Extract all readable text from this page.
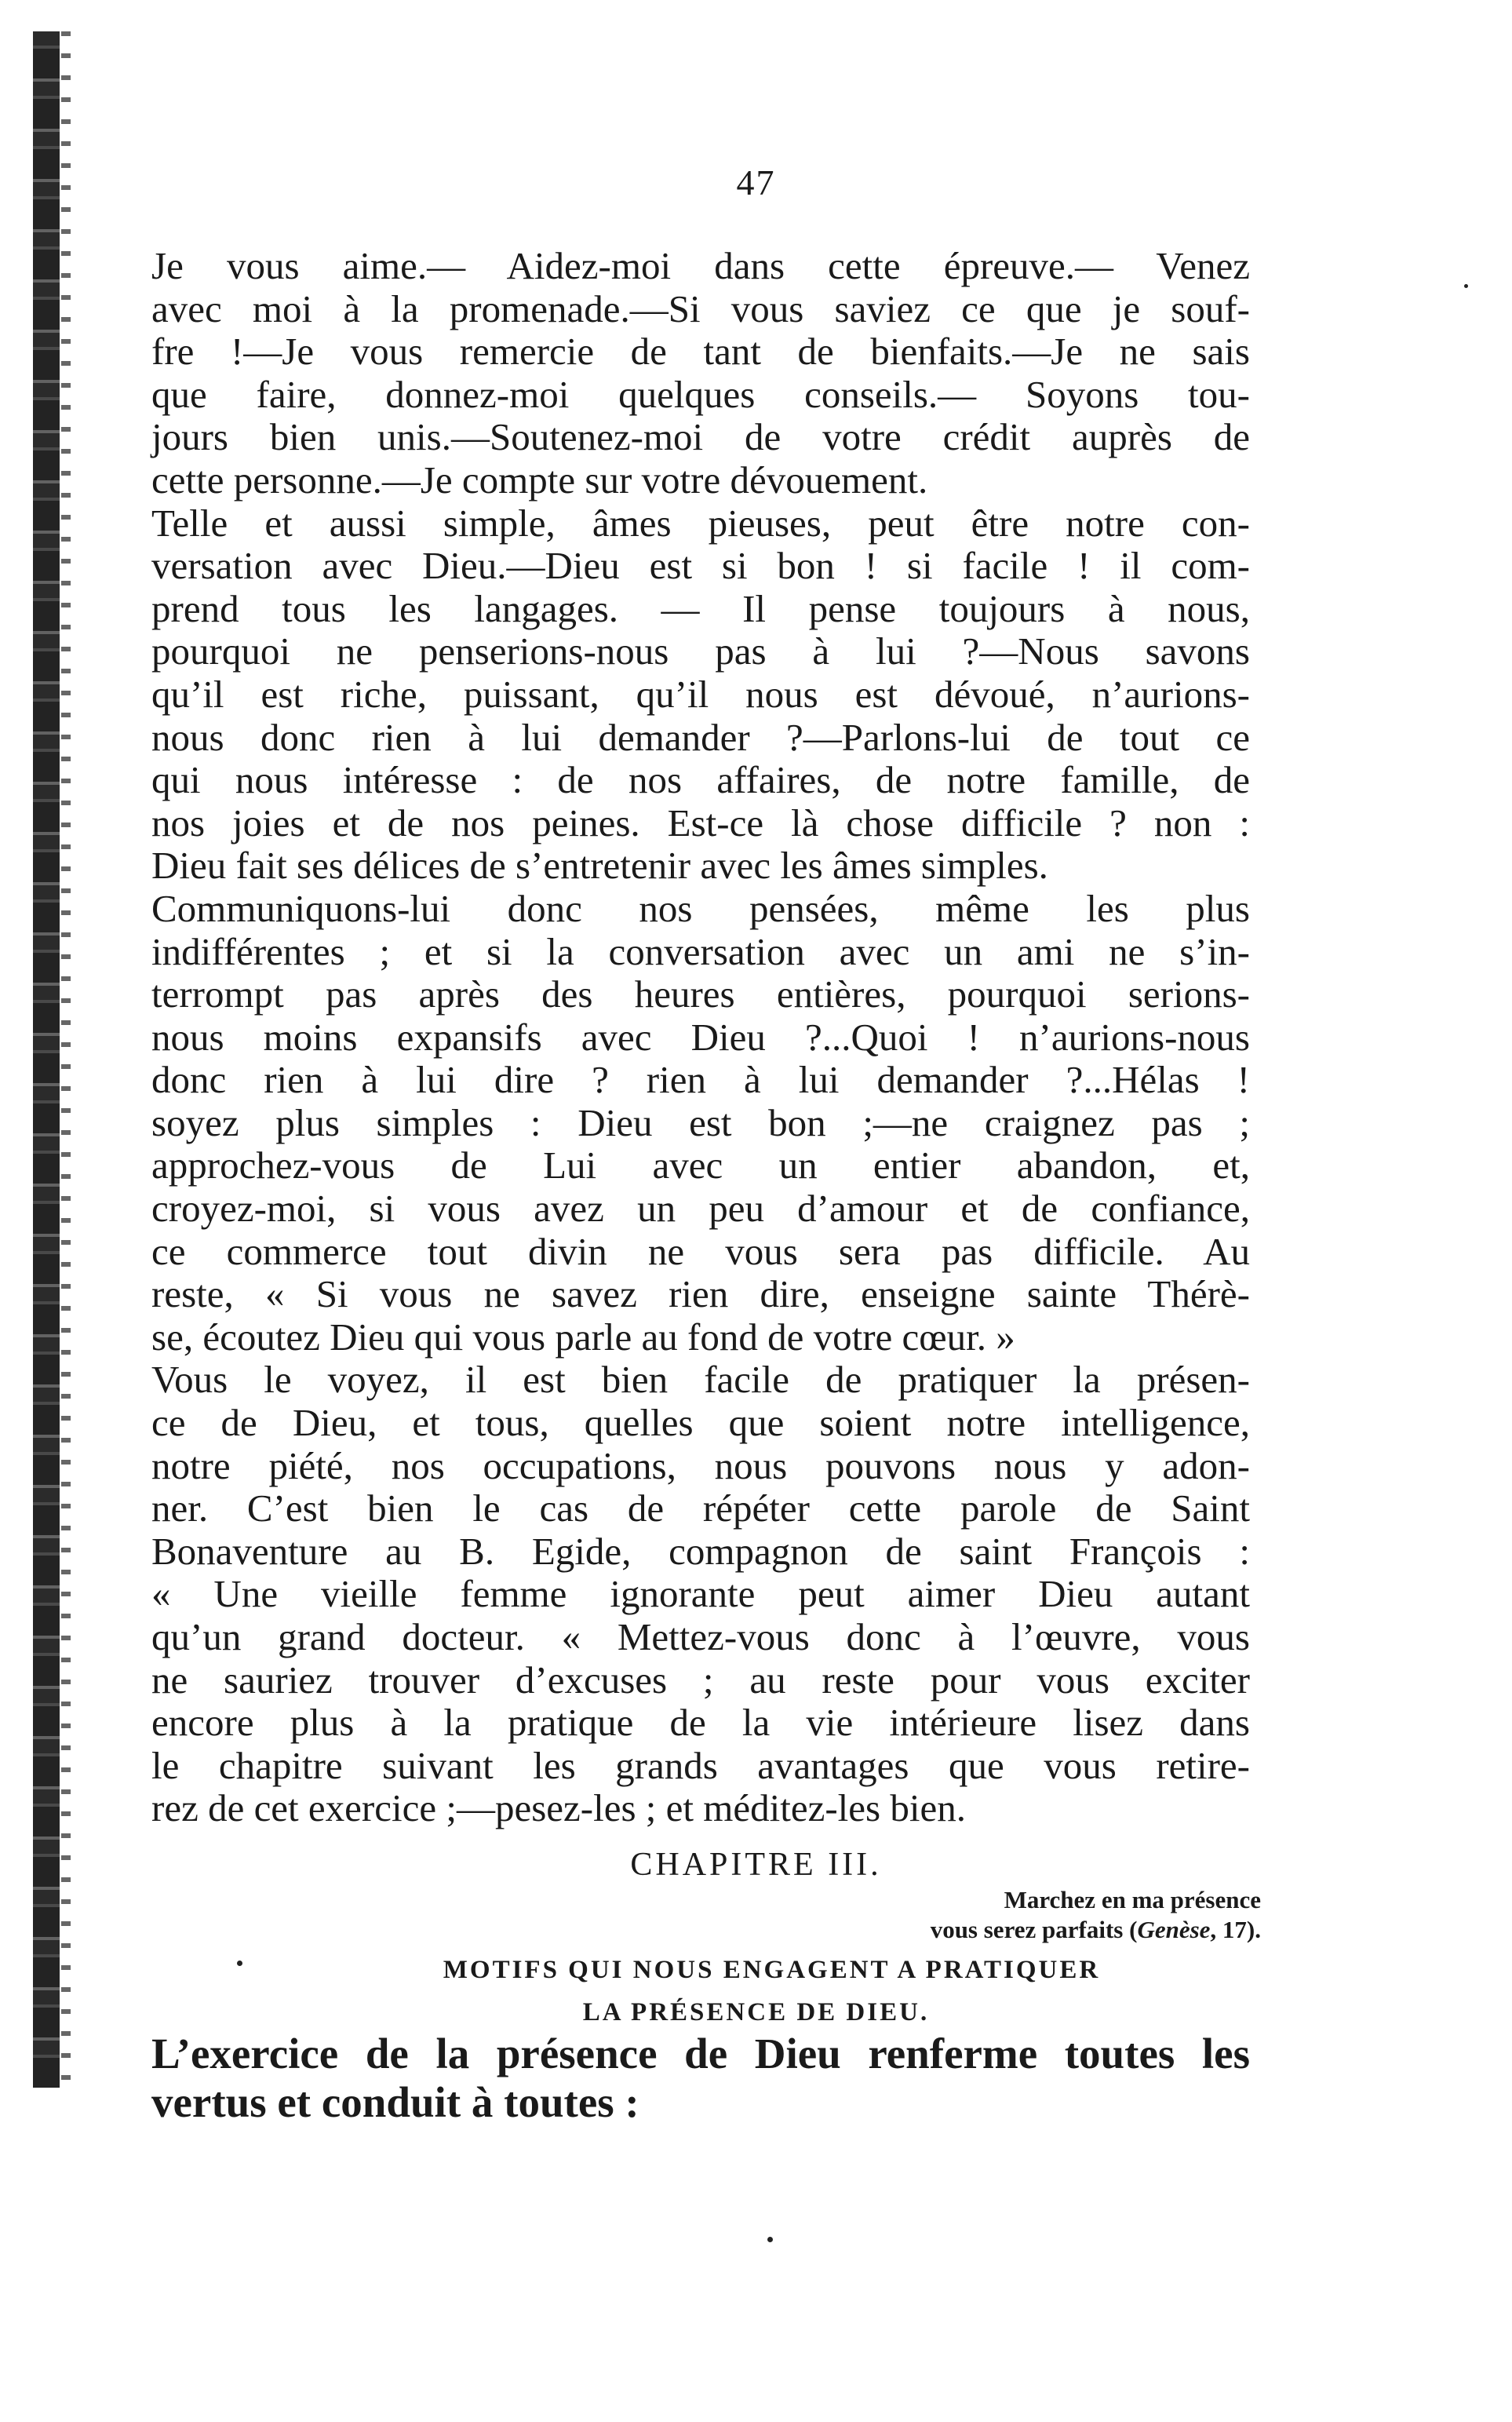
47
Je vous aime.— Aidez-moi dans cette épreuve.— Venez
avec moi à la promenade.—Si vous saviez ce que je souf-
fre !—Je vous remercie de tant de bienfaits.—Je ne sais
que faire, donnez-moi quelques conseils.— Soyons tou-
jours bien unis.—Soutenez-moi de votre crédit auprès de
cette personne.—Je compte sur votre dévouement.
Telle et aussi simple, âmes pieuses, peut être notre con-
versation avec Dieu.—Dieu est si bon ! si facile ! il com-
prend tous les langages. — Il pense toujours à nous,
pourquoi ne penserions-nous pas à lui ?—Nous savons
qu’il est riche, puissant, qu’il nous est dévoué, n’aurions-
nous donc rien à lui demander ?—Parlons-lui de tout ce
qui nous intéresse : de nos affaires, de notre famille, de
nos joies et de nos peines. Est-ce là chose difficile ? non :
Dieu fait ses délices de s’entretenir avec les âmes simples.
Communiquons-lui donc nos pensées, même les plus
indifférentes ; et si la conversation avec un ami ne s’in-
terrompt pas après des heures entières, pourquoi serions-
nous moins expansifs avec Dieu ?...Quoi ! n’aurions-nous
donc rien à lui dire ? rien à lui demander ?...Hélas !
soyez plus simples : Dieu est bon ;—ne craignez pas ;
approchez-vous de Lui avec un entier abandon, et,
croyez-moi, si vous avez un peu d’amour et de confiance,
ce commerce tout divin ne vous sera pas difficile. Au
reste, « Si vous ne savez rien dire, enseigne sainte Thérè-
se, écoutez Dieu qui vous parle au fond de votre cœur. »
Vous le voyez, il est bien facile de pratiquer la présen-
ce de Dieu, et tous, quelles que soient notre intelligence,
notre piété, nos occupations, nous pouvons nous y adon-
ner. C’est bien le cas de répéter cette parole de Saint
Bonaventure au B. Egide, compagnon de saint François :
« Une vieille femme ignorante peut aimer Dieu autant
qu’un grand docteur. « Mettez-vous donc à l’œuvre, vous
ne sauriez trouver d’excuses ; au reste pour vous exciter
encore plus à la pratique de la vie intérieure lisez dans
le chapitre suivant les grands avantages que vous retire-
rez de cet exercice ;—pesez-les ; et méditez-les bien.
CHAPITRE III.
Marchez en ma présence
vous serez parfaits (Genèse, 17).
MOTIFS QUI NOUS ENGAGENT A PRATIQUER
LA PRÉSENCE DE DIEU.
L’exercice de la présence de Dieu renferme toutes les
vertus et conduit à toutes :
